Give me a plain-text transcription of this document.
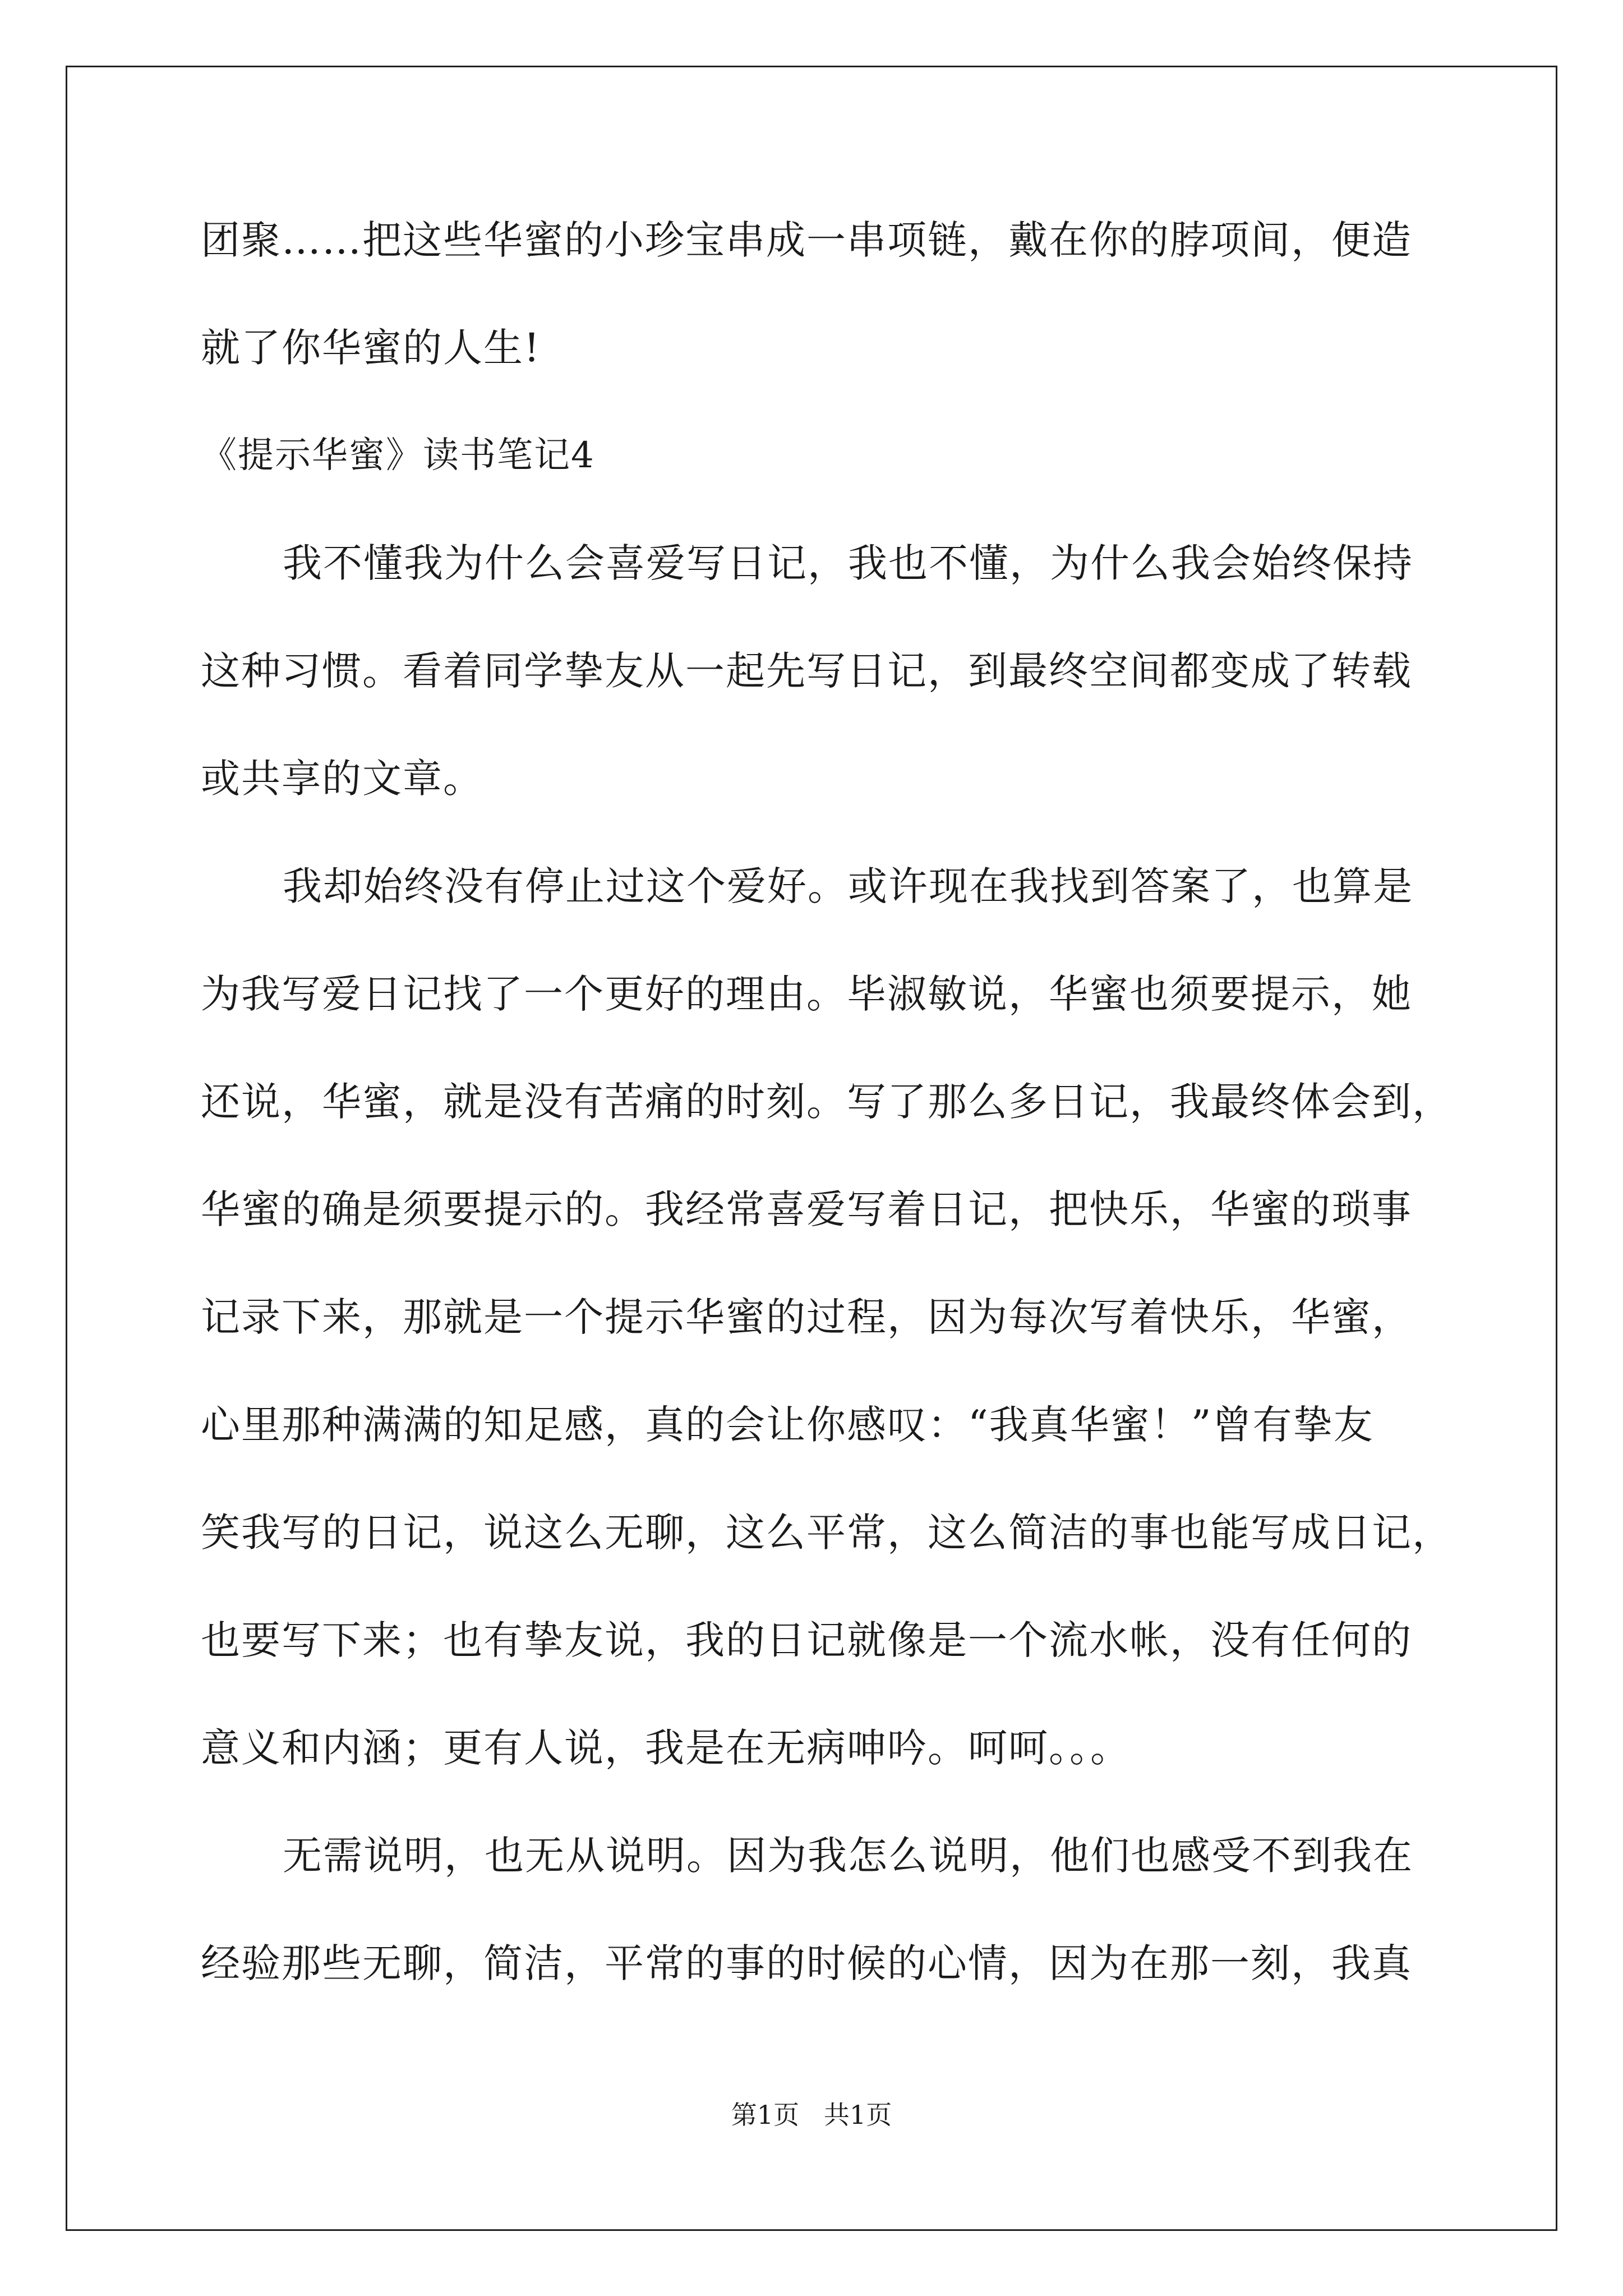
团聚……把这些华蜜的小珍宝串成一串项链，戴在你的脖项间，便造
就了你华蜜的人生!
《提示华蜜》读书笔记4
我不懂我为什么会喜爱写日记，我也不懂，为什么我会始终保持
这种习惯。看着同学挚友从一起先写日记，到最终空间都变成了转载
或共享的文章。
我却始终没有停止过这个爱好。或许现在我找到答案了，也算是
为我写爱日记找了一个更好的理由。毕淑敏说，华蜜也须要提示，她
还说，华蜜，就是没有苦痛的时刻。写了那么多日记，我最终体会到，
华蜜的确是须要提示的。我经常喜爱写着日记，把快乐，华蜜的琐事
记录下来，那就是一个提示华蜜的过程，因为每次写着快乐，华蜜，
心里那种满满的知足感，真的会让你感叹：“我真华蜜！”曾有挚友
笑我写的日记，说这么无聊，这么平常，这么简洁的事也能写成日记，
也要写下来；也有挚友说，我的日记就像是一个流水帐，没有任何的
意义和内涵；更有人说，我是在无病呻吟。呵呵。。。
无需说明，也无从说明。因为我怎么说明，他们也感受不到我在
经验那些无聊，简洁，平常的事的时候的心情，因为在那一刻，我真
第1页   共1页
